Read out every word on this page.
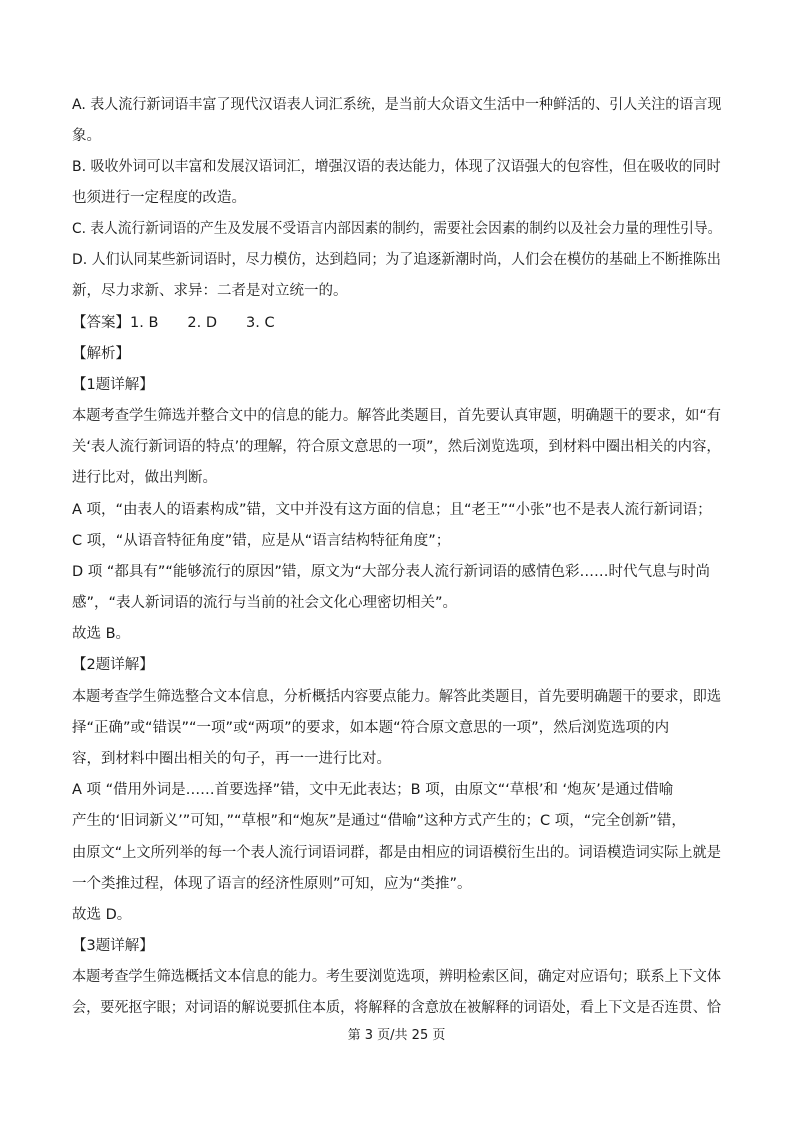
A. 表人流行新词语丰富了现代汉语表人词汇系统，是当前大众语文生活中一种鲜活的、引人关注的语言现
象。
B. 吸收外词可以丰富和发展汉语词汇，增强汉语的表达能力，体现了汉语强大的包容性，但在吸收的同时
也须进行一定程度的改造。
C. 表人流行新词语的产生及发展不受语言内部因素的制约，需要社会因素的制约以及社会力量的理性引导。
D. 人们认同某些新词语时，尽力模仿，达到趋同；为了追逐新潮时尚，人们会在模仿的基础上不断推陈出
新，尽力求新、求异：二者是对立统一的。
【答案】1. B　　2. D　　3. C
【解析】
【1题详解】
本题考查学生筛选并整合文中的信息的能力。解答此类题目，首先要认真审题，明确题干的要求，如“有
关‘表人流行新词语的特点’的理解，符合原文意思的一项”，然后浏览选项，到材料中圈出相关的内容，
进行比对，做出判断。
A 项，“由表人的语素构成”错，文中并没有这方面的信息；且“老王”“小张”也不是表人流行新词语；
C 项，“从语音特征角度”错，应是从“语言结构特征角度”；
D 项 “都具有”“能够流行的原因”错，原文为“大部分表人流行新词语的感情色彩……时代气息与时尚
感”，“表人新词语的流行与当前的社会文化心理密切相关”。
故选 B。
【2题详解】
本题考查学生筛选整合文本信息，分析概括内容要点能力。解答此类题目，首先要明确题干的要求，即选
择“正确”或“错误”“一项”或“两项”的要求，如本题“符合原文意思的一项”，然后浏览选项的内
容，到材料中圈出相关的句子，再一一进行比对。
A 项 “借用外词是……首要选择”错，文中无此表达；B 项，由原文“‘草根’和 ‘炮灰’是通过借喻
产生的‘旧词新义’”可知，”“草根”和“炮灰”是通过“借喻”这种方式产生的；C 项，“完全创新”错，
由原文“上文所列举的每一个表人流行词语词群，都是由相应的词语模衍生出的。词语模造词实际上就是
一个类推过程，体现了语言的经济性原则”可知，应为“类推”。
故选 D。
【3题详解】
本题考查学生筛选概括文本信息的能力。考生要浏览选项，辨明检索区间，确定对应语句；联系上下文体
会，要死抠字眼；对词语的解说要抓住本质，将解释的含意放在被解释的词语处，看上下文是否连贯、恰
第 3 页/共 25 页
